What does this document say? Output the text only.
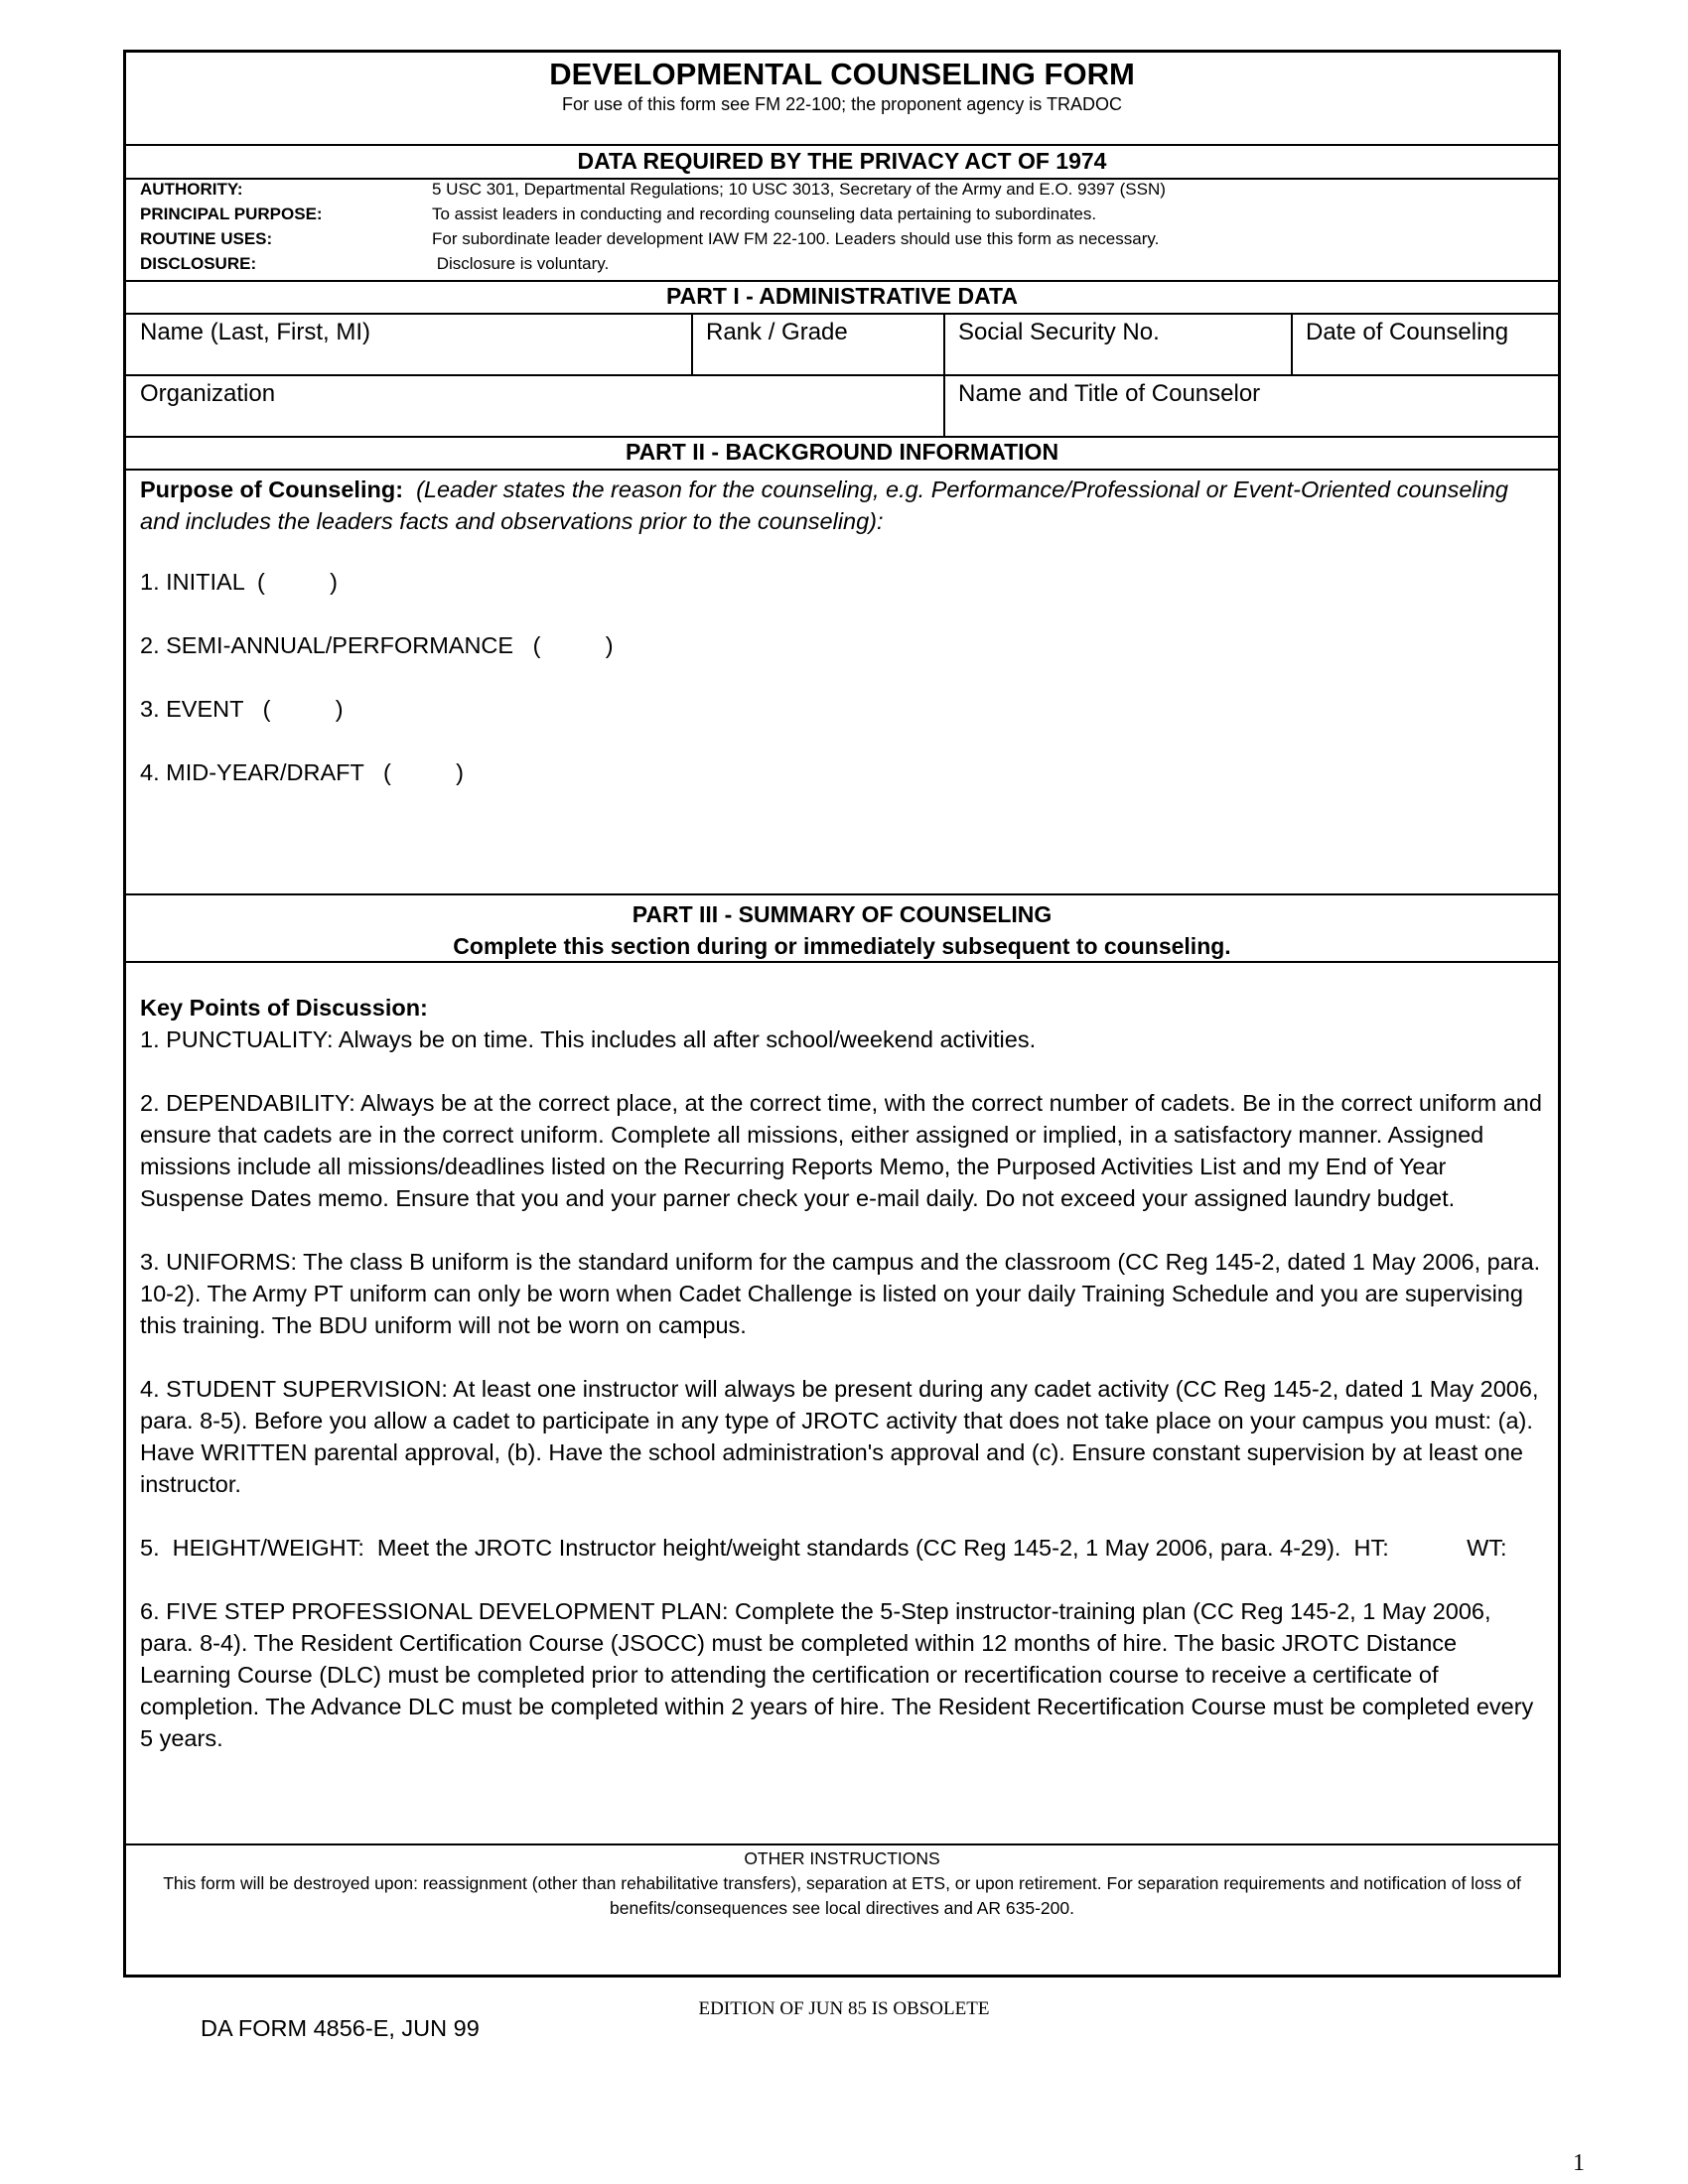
DEVELOPMENTAL COUNSELING FORM
For use of this form see FM 22-100; the proponent agency is TRADOC
DATA REQUIRED BY THE PRIVACY ACT OF 1974
AUTHORITY:	5 USC 301, Departmental Regulations; 10 USC 3013, Secretary of the Army and E.O. 9397 (SSN)
PRINCIPAL PURPOSE:	To assist leaders in conducting and recording counseling data pertaining to subordinates.
ROUTINE USES:	For subordinate leader development IAW FM 22-100. Leaders should use this form as necessary.
DISCLOSURE:	Disclosure is voluntary.
PART I - ADMINISTRATIVE DATA
Name (Last, First, MI)	Rank / Grade	Social Security No.	Date of Counseling
Organization	Name and Title of Counselor
PART II - BACKGROUND INFORMATION
Purpose of Counseling: (Leader states the reason for the counseling, e.g. Performance/Professional or Event-Oriented counseling and includes the leaders facts and observations prior to the counseling):
1. INITIAL  (          )
2. SEMI-ANNUAL/PERFORMANCE   (          )
3. EVENT   (          )
4. MID-YEAR/DRAFT   (          )
PART III - SUMMARY OF COUNSELING
Complete this section during or immediately subsequent to counseling.

Key Points of Discussion:

1. PUNCTUALITY: Always be on time. This includes all after school/weekend activities.

2. DEPENDABILITY: Always be at the correct place, at the correct time, with the correct number of cadets. Be in the correct uniform and ensure that cadets are in the correct uniform. Complete all missions, either assigned or implied, in a satisfactory manner. Assigned missions include all missions/deadlines listed on the Recurring Reports Memo, the Purposed Activities List and my End of Year Suspense Dates memo. Ensure that you and your parner check your e-mail daily. Do not exceed your assigned laundry budget.

3. UNIFORMS: The class B uniform is the standard uniform for the campus and the classroom (CC Reg 145-2, dated 1 May 2006, para. 10-2). The Army PT uniform can only be worn when Cadet Challenge is listed on your daily Training Schedule and you are supervising this training. The BDU uniform will not be worn on campus.

4. STUDENT SUPERVISION: At least one instructor will always be present during any cadet activity (CC Reg 145-2, dated 1 May 2006, para. 8-5). Before you allow a cadet to participate in any type of JROTC activity that does not take place on your campus you must: (a). Have WRITTEN parental approval, (b). Have the school administration's approval and (c). Ensure constant supervision by at least one instructor.

5.  HEIGHT/WEIGHT:  Meet the JROTC Instructor height/weight standards (CC Reg 145-2, 1 May 2006, para. 4-29).  HT:            WT:

6. FIVE STEP PROFESSIONAL DEVELOPMENT PLAN: Complete the 5-Step instructor-training plan (CC Reg 145-2, 1 May 2006, para. 8-4). The Resident Certification Course (JSOCC) must be completed within 12 months of hire. The basic JROTC Distance Learning Course (DLC) must be completed prior to attending the certification or recertification course to receive a certificate of completion. The Advance DLC must be completed within 2 years of hire. The Resident Recertification Course must be completed every 5 years.

OTHER INSTRUCTIONS
This form will be destroyed upon: reassignment (other than rehabilitative transfers), separation at ETS, or upon retirement. For separation requirements and notification of loss of benefits/consequences see local directives and AR 635-200.
EDITION OF JUN 85 IS OBSOLETE
DA FORM 4856-E, JUN 99
1
